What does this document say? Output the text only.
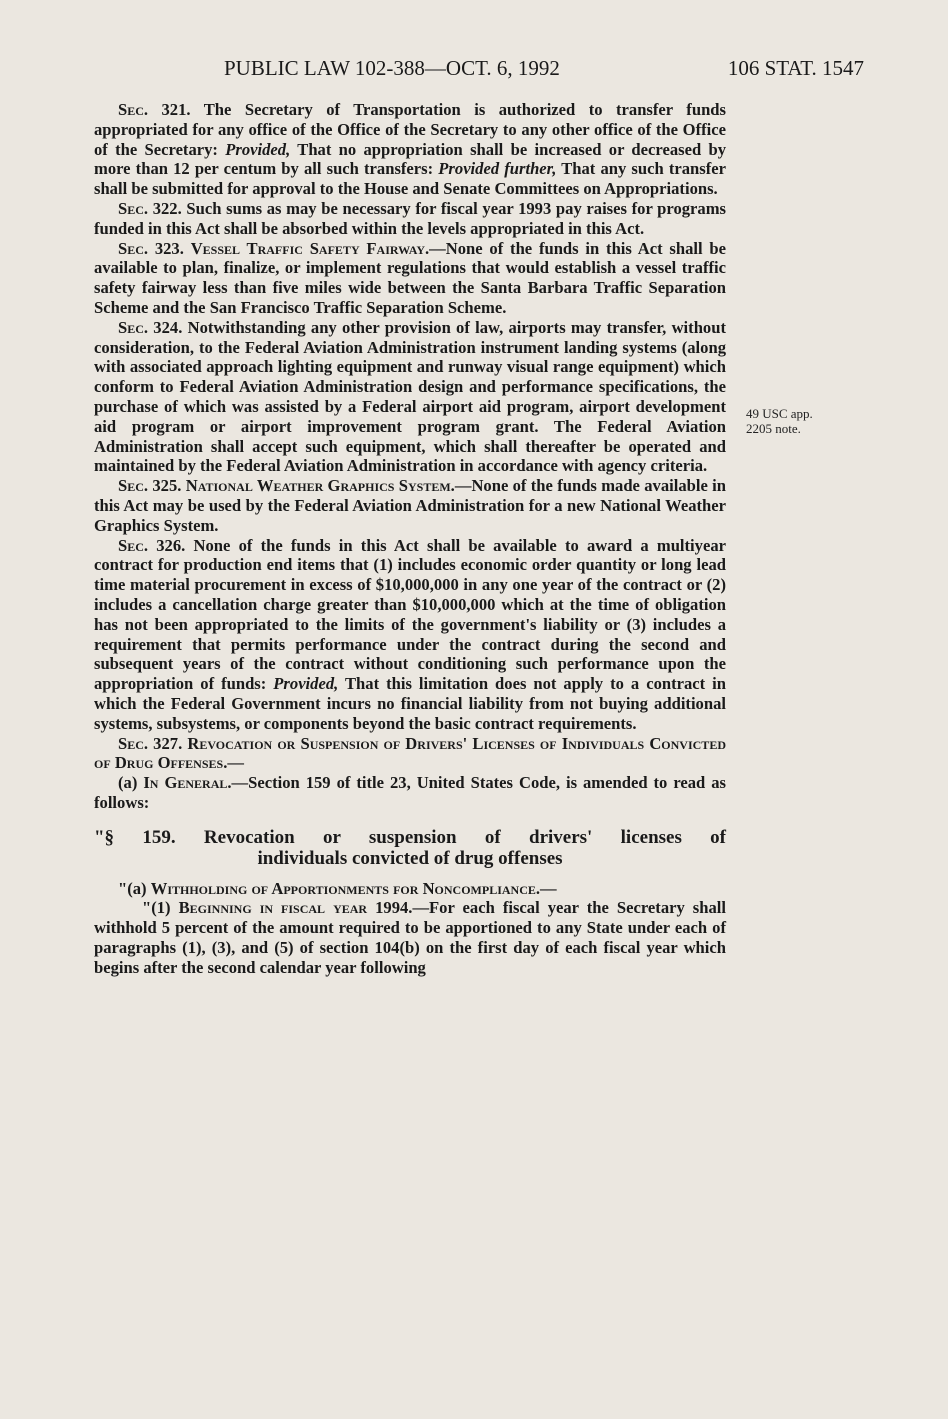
PUBLIC LAW 102-388—OCT. 6, 1992	106 STAT. 1547
49 USC app.
2205 note.

Sec. 321. The Secretary of Transportation is authorized to transfer funds appropriated for any office of the Office of the Secretary to any other office of the Office of the Secretary: Provided, That no appropriation shall be increased or decreased by more than 12 per centum by all such transfers: Provided further, That any such transfer shall be submitted for approval to the House and Senate Committees on Appropriations.

Sec. 322. Such sums as may be necessary for fiscal year 1993 pay raises for programs funded in this Act shall be absorbed within the levels appropriated in this Act.

Sec. 323. Vessel Traffic Safety Fairway.—None of the funds in this Act shall be available to plan, finalize, or implement regulations that would establish a vessel traffic safety fairway less than five miles wide between the Santa Barbara Traffic Separation Scheme and the San Francisco Traffic Separation Scheme.

Sec. 324. Notwithstanding any other provision of law, airports may transfer, without consideration, to the Federal Aviation Administration instrument landing systems (along with associated approach lighting equipment and runway visual range equipment) which conform to Federal Aviation Administration design and performance specifications, the purchase of which was assisted by a Federal airport aid program, airport development aid program or airport improvement program grant. The Federal Aviation Administration shall accept such equipment, which shall thereafter be operated and maintained by the Federal Aviation Administration in accordance with agency criteria.

Sec. 325. National Weather Graphics System.—None of the funds made available in this Act may be used by the Federal Aviation Administration for a new National Weather Graphics System.

Sec. 326. None of the funds in this Act shall be available to award a multiyear contract for production end items that (1) includes economic order quantity or long lead time material procurement in excess of $10,000,000 in any one year of the contract or (2) includes a cancellation charge greater than $10,000,000 which at the time of obligation has not been appropriated to the limits of the government's liability or (3) includes a requirement that permits performance under the contract during the second and subsequent years of the contract without conditioning such performance upon the appropriation of funds: Provided, That this limitation does not apply to a contract in which the Federal Government incurs no financial liability from not buying additional systems, subsystems, or components beyond the basic contract requirements.

Sec. 327. Revocation or Suspension of Drivers' Licenses of Individuals Convicted of Drug Offenses.—

(a) In General.—Section 159 of title 23, United States Code, is amended to read as follows:

"§ 159. Revocation or suspension of drivers' licenses of
individuals convicted of drug offenses

"(a) Withholding of Apportionments for Noncompliance.—

"(1) Beginning in fiscal year 1994.—For each fiscal year the Secretary shall withhold 5 percent of the amount required to be apportioned to any State under each of paragraphs (1), (3), and (5) of section 104(b) on the first day of each fiscal year which begins after the second calendar year following
